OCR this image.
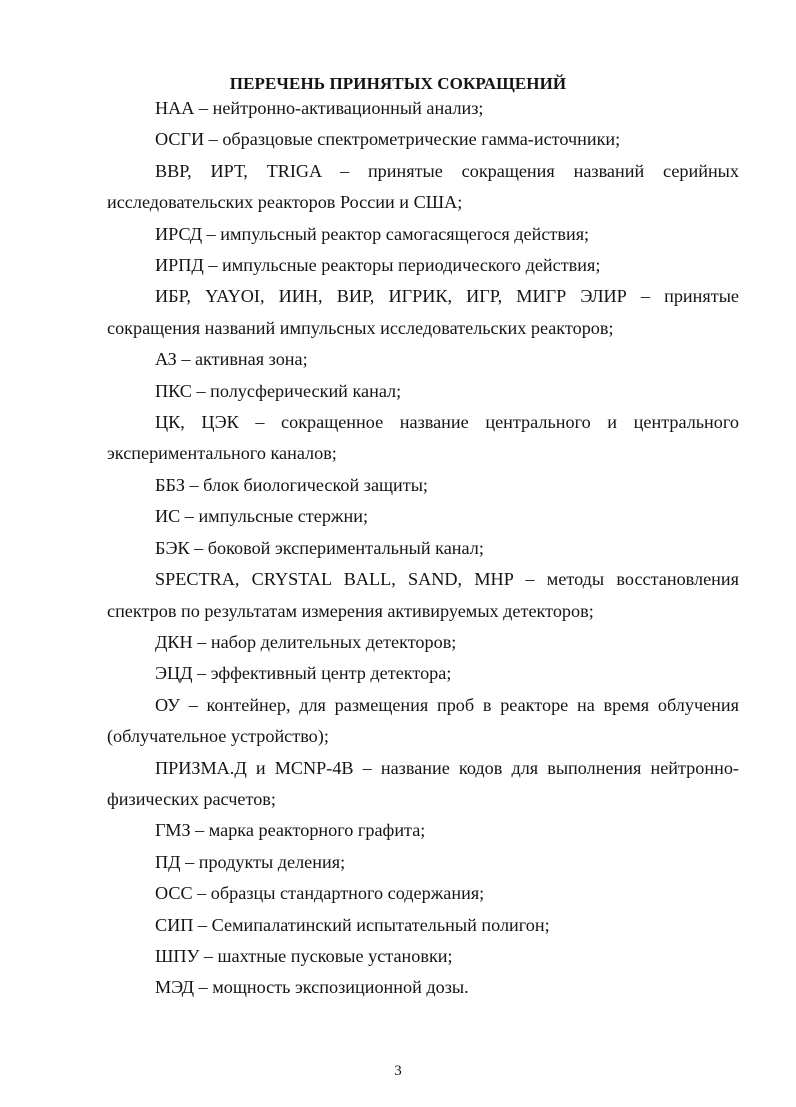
ПЕРЕЧЕНЬ ПРИНЯТЫХ СОКРАЩЕНИЙ

НАА – нейтронно-активационный анализ;

ОСГИ – образцовые спектрометрические гамма-источники;

ВВР, ИРТ, TRIGA – принятые сокращения названий серийных исследовательских реакторов России и США;

ИРСД – импульсный реактор самогасящегося действия;

ИРПД – импульсные реакторы периодического действия;

ИБР, YAYOI, ИИН, ВИР, ИГРИК, ИГР, МИГР ЭЛИР – принятые сокращения названий импульсных исследовательских реакторов;

АЗ – активная зона;

ПКС – полусферический канал;

ЦК, ЦЭК – сокращенное название центрального и центрального экспериментального каналов;

ББЗ – блок биологической защиты;

ИС – импульсные стержни;

БЭК – боковой экспериментальный канал;

SPECTRA, CRYSTAL BALL, SAND, MHP – методы восстановления спектров по результатам измерения активируемых детекторов;

ДКН – набор делительных детекторов;

ЭЦД – эффективный центр детектора;

ОУ – контейнер, для размещения проб в реакторе на время облучения (облучательное устройство);

ПРИЗМА.Д и MCNP-4B – название кодов для выполнения нейтронно-физических расчетов;

ГМЗ – марка реакторного графита;

ПД – продукты деления;

ОСС – образцы стандартного содержания;

СИП – Семипалатинский испытательный полигон;

ШПУ – шахтные пусковые установки;

МЭД – мощность экспозиционной дозы.

3
